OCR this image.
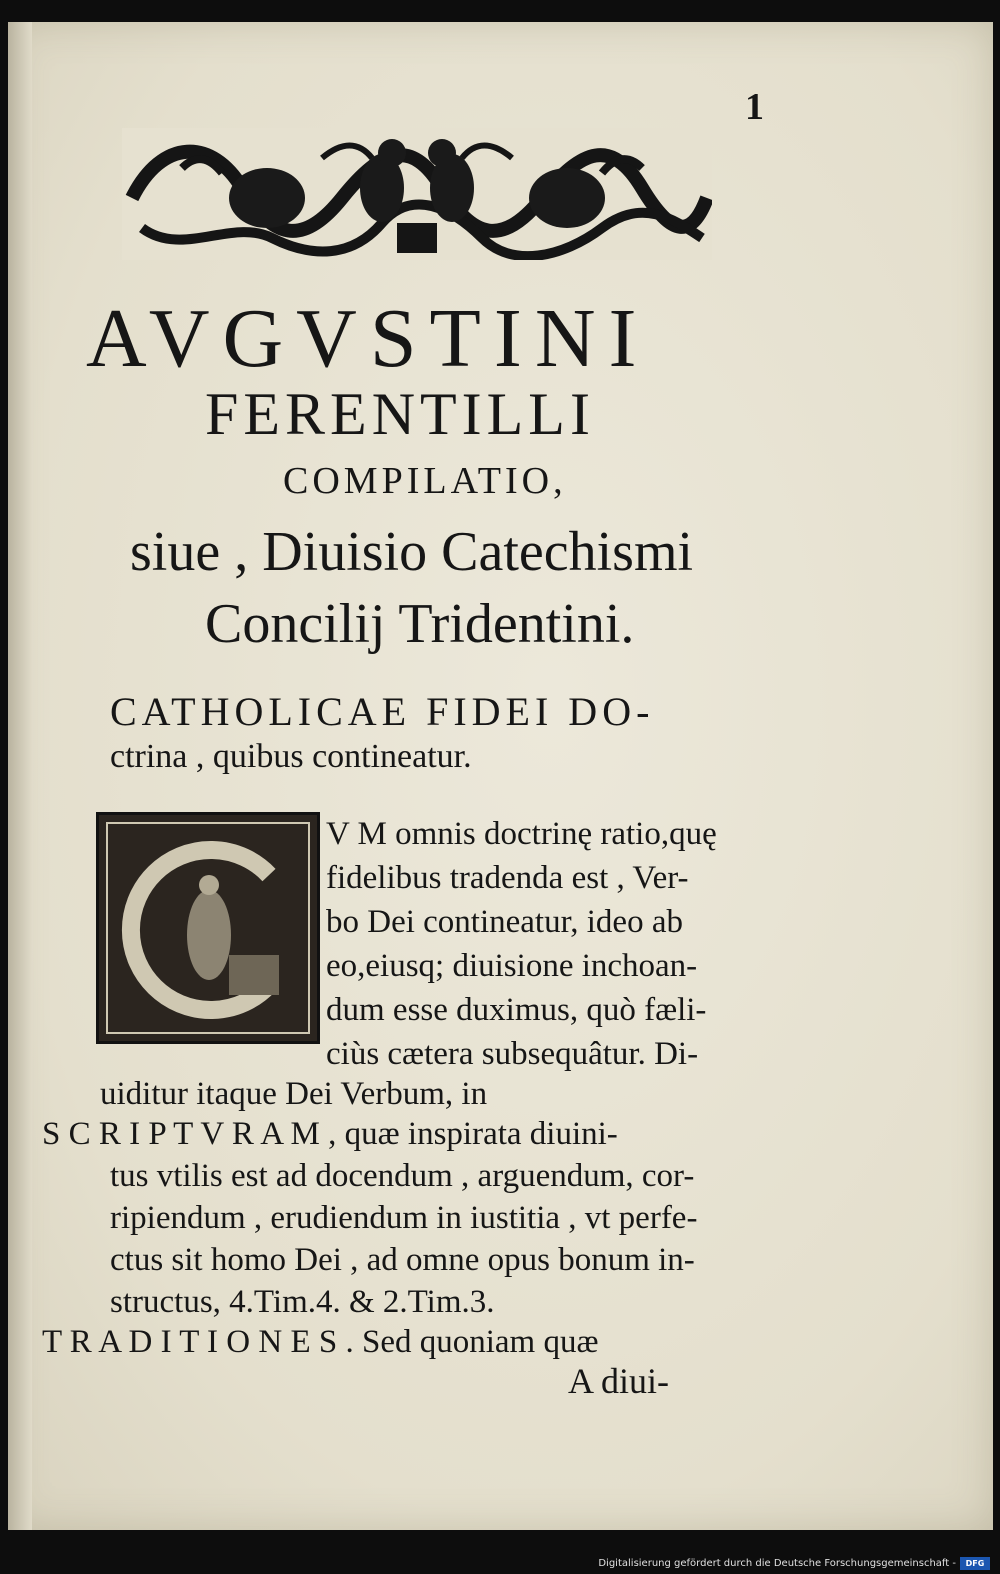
1
AVGVSTINI
FERENTILLI
COMPILATIO,
siue , Diuisio Catechismi
Concilij Tridentini.
CATHOLICAE FIDEI DO-
ctrina , quibus contineatur.
V M omnis doctrinę ratio,quę
fidelibus tradenda est , Ver-
bo Dei contineatur, ideo ab
eo,eiusq; diuisione inchoan-
dum esse duximus, quò fæli-
ciùs cætera subsequâtur. Di-
uiditur itaque Dei Verbum, in
S C R I P T V R A M , quæ inspirata diuini-
tus vtilis est ad docendum , arguendum, cor-
ripiendum , erudiendum in iustitia , vt perfe-
ctus sit homo Dei , ad omne opus bonum in-
structus, 4.Tim.4. & 2.Tim.3.
T R A D I T I O N E S . Sed quoniam quæ
A diui-
Digitalisierung gefördert durch die Deutsche Forschungsgemeinschaft -	DFG
